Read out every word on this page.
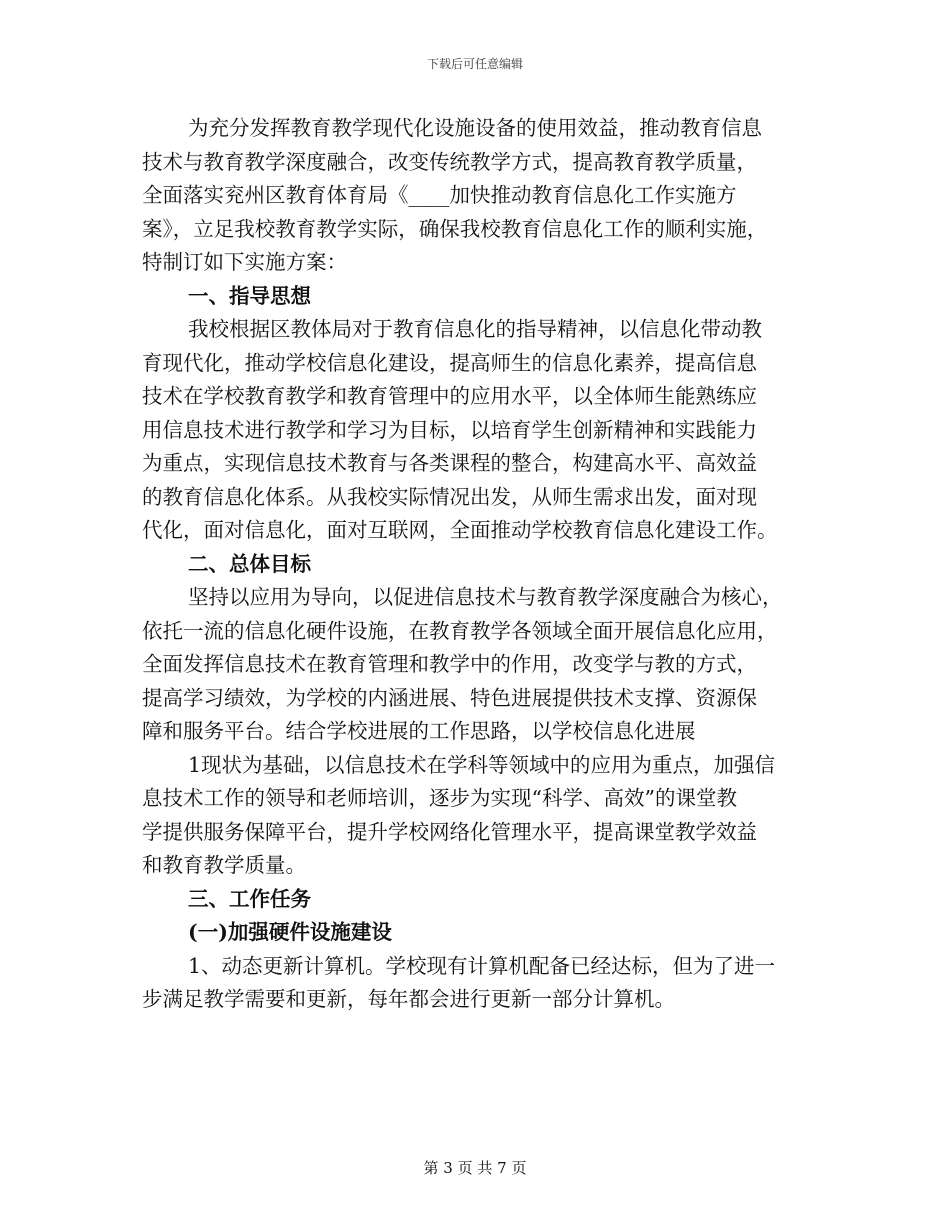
下载后可任意编辑
为充分发挥教育教学现代化设施设备的使用效益，推动教育信息
技术与教育教学深度融合，改变传统教学方式，提高教育教学质量，
全面落实兖州区教育体育局《____加快推动教育信息化工作实施方
案》，立足我校教育教学实际，确保我校教育信息化工作的顺利实施，
特制订如下实施方案：
一、指导思想
我校根据区教体局对于教育信息化的指导精神，以信息化带动教
育现代化，推动学校信息化建设，提高师生的信息化素养，提高信息
技术在学校教育教学和教育管理中的应用水平，以全体师生能熟练应
用信息技术进行教学和学习为目标，以培育学生创新精神和实践能力
为重点，实现信息技术教育与各类课程的整合，构建高水平、高效益
的教育信息化体系。从我校实际情况出发，从师生需求出发，面对现
代化，面对信息化，面对互联网，全面推动学校教育信息化建设工作。
二、总体目标
坚持以应用为导向，以促进信息技术与教育教学深度融合为核心，
依托一流的信息化硬件设施，在教育教学各领域全面开展信息化应用，
全面发挥信息技术在教育管理和教学中的作用，改变学与教的方式，
提高学习绩效，为学校的内涵进展、特色进展提供技术支撑、资源保
障和服务平台。结合学校进展的工作思路，以学校信息化进展
1现状为基础，以信息技术在学科等领域中的应用为重点，加强信
息技术工作的领导和老师培训，逐步为实现“科学、高效”的课堂教
学提供服务保障平台，提升学校网络化管理水平，提高课堂教学效益
和教育教学质量。
三、工作任务
(一)加强硬件设施建设
1、动态更新计算机。学校现有计算机配备已经达标，但为了进一
步满足教学需要和更新，每年都会进行更新一部分计算机。
第 3 页 共 7 页
